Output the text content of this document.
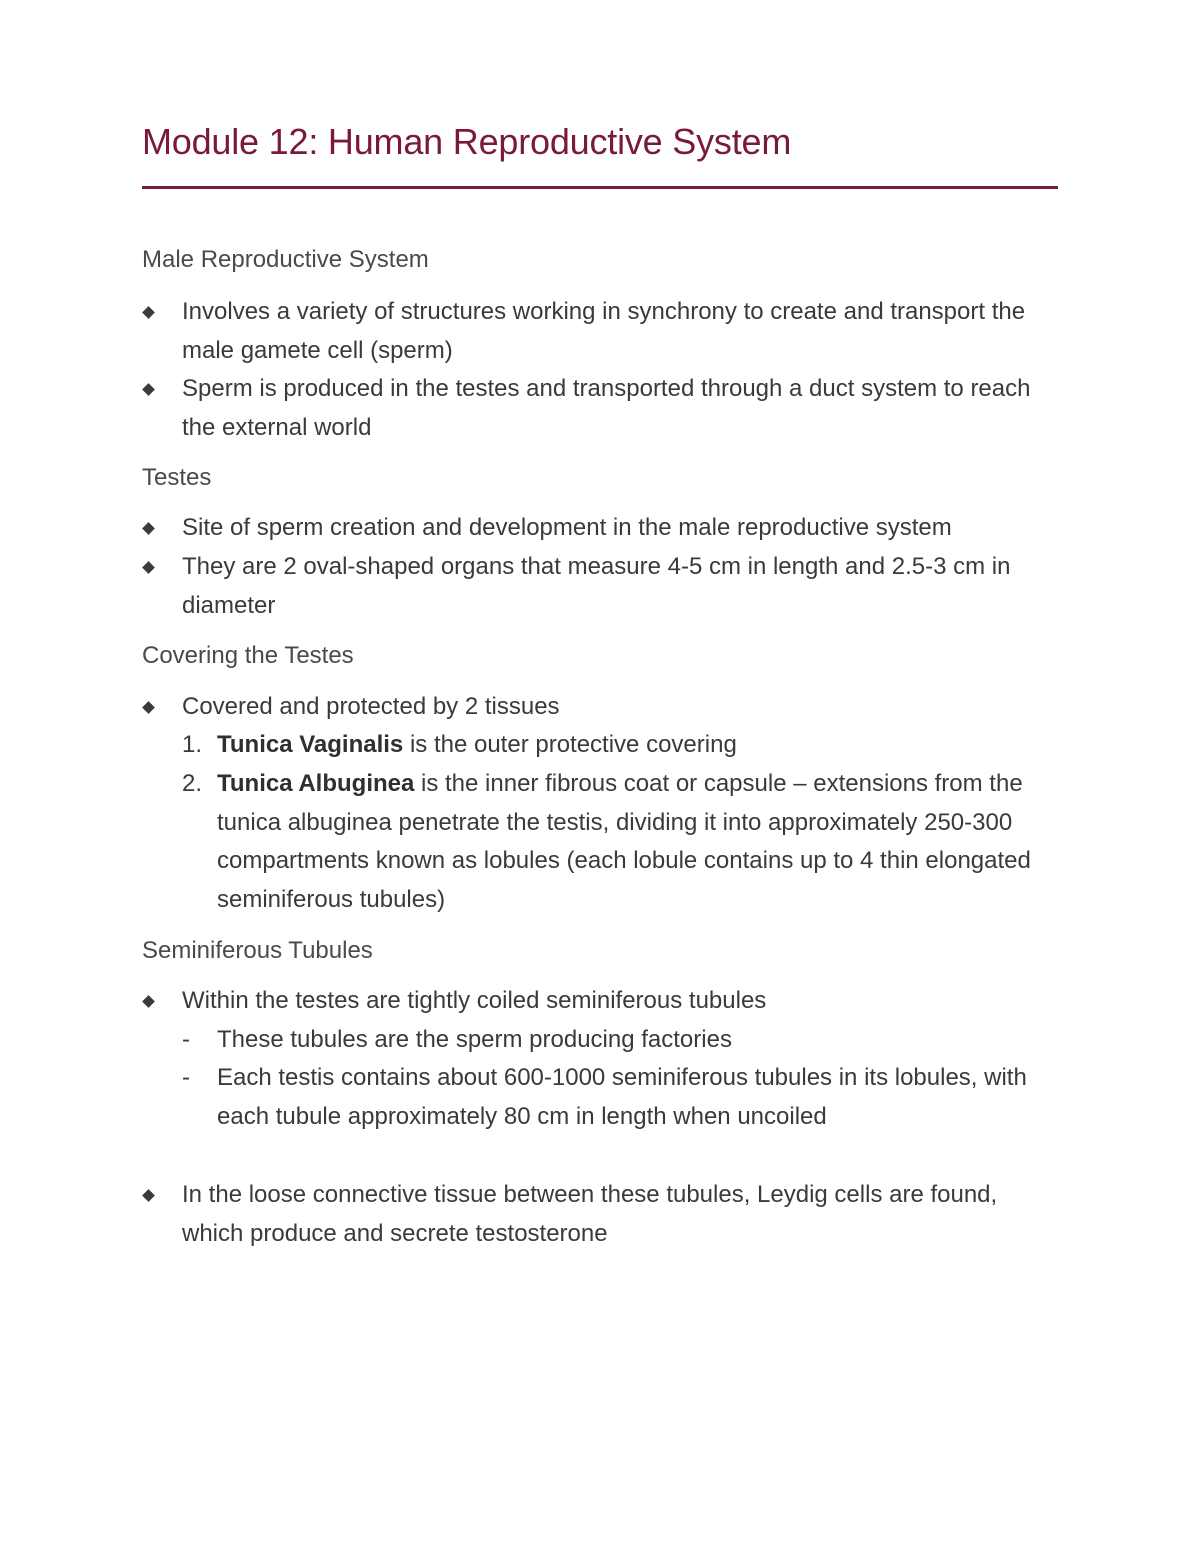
Module 12: Human Reproductive System
Male Reproductive System
Involves a variety of structures working in synchrony to create and transport the male gamete cell (sperm)
Sperm is produced in the testes and transported through a duct system to reach the external world
Testes
Site of sperm creation and development in the male reproductive system
They are 2 oval-shaped organs that measure 4-5 cm in length and 2.5-3 cm in diameter
Covering the Testes
Covered and protected by 2 tissues
1. Tunica Vaginalis is the outer protective covering
2. Tunica Albuginea is the inner fibrous coat or capsule – extensions from the tunica albuginea penetrate the testis, dividing it into approximately 250-300 compartments known as lobules (each lobule contains up to 4 thin elongated seminiferous tubules)
Seminiferous Tubules
Within the testes are tightly coiled seminiferous tubules
- These tubules are the sperm producing factories
- Each testis contains about 600-1000 seminiferous tubules in its lobules, with each tubule approximately 80 cm in length when uncoiled
In the loose connective tissue between these tubules, Leydig cells are found, which produce and secrete testosterone
